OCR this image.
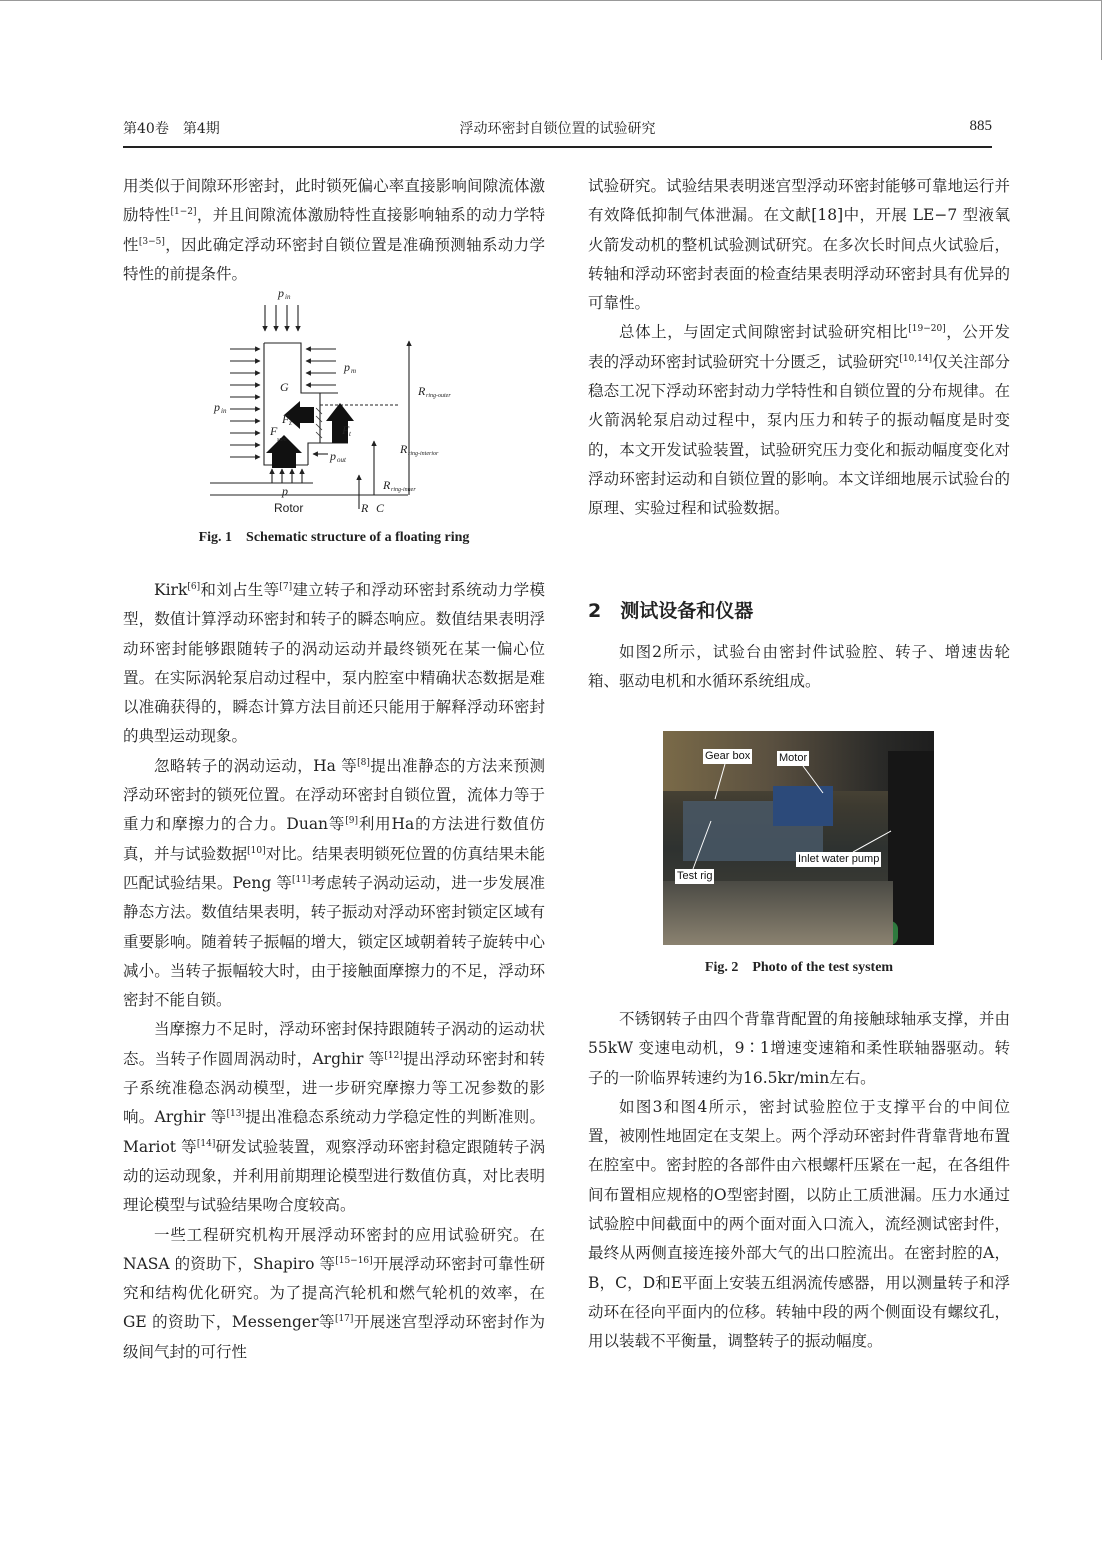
第40卷　第4期	浮动环密封自锁位置的试验研究	885

用类似于间隙环形密封，此时锁死偏心率直接影响间隙流体激励特性[1−2]，并且间隙流体激励特性直接影响轴系的动力学特性[3−5]，因此确定浮动环密封自锁位置是准确预测轴系动力学特性的前提条件。

p in
p in
p m
G
F z
F
sum
F t
p out
p
R C
R ring-outer
R ring-interior
R ring-inner
Rotor
Fig. 1　Schematic structure of a floating ring

Kirk[6]和刘占生等[7]建立转子和浮动环密封系统动力学模型，数值计算浮动环密封和转子的瞬态响应。数值结果表明浮动环密封能够跟随转子的涡动运动并最终锁死在某一偏心位置。在实际涡轮泵启动过程中，泵内腔室中精确状态数据是难以准确获得的，瞬态计算方法目前还只能用于解释浮动环密封的典型运动现象。

忽略转子的涡动运动，Ha 等[8]提出准静态的方法来预测浮动环密封的锁死位置。在浮动环密封自锁位置，流体力等于重力和摩擦力的合力。Duan等[9]利用Ha的方法进行数值仿真，并与试验数据[10]对比。结果表明锁死位置的仿真结果未能匹配试验结果。Peng 等[11]考虑转子涡动运动，进一步发展准静态方法。数值结果表明，转子振动对浮动环密封锁定区域有重要影响。随着转子振幅的增大，锁定区域朝着转子旋转中心减小。当转子振幅较大时，由于接触面摩擦力的不足，浮动环密封不能自锁。

当摩擦力不足时，浮动环密封保持跟随转子涡动的运动状态。当转子作圆周涡动时，Arghir 等[12]提出浮动环密封和转子系统准稳态涡动模型，进一步研究摩擦力等工况参数的影响。Arghir 等[13]提出准稳态系统动力学稳定性的判断准则。Mariot 等[14]研发试验装置，观察浮动环密封稳定跟随转子涡动的运动现象，并利用前期理论模型进行数值仿真，对比表明理论模型与试验结果吻合度较高。

一些工程研究机构开展浮动环密封的应用试验研究。在 NASA 的资助下，Shapiro 等[15−16]开展浮动环密封可靠性研究和结构优化研究。为了提高汽轮机和燃气轮机的效率，在 GE 的资助下，Messenger等[17]开展迷宫型浮动环密封作为级间气封的可行性

试验研究。试验结果表明迷宫型浮动环密封能够可靠地运行并有效降低抑制气体泄漏。在文献[18]中，开展 LE−7 型液氧火箭发动机的整机试验测试研究。在多次长时间点火试验后，转轴和浮动环密封表面的检查结果表明浮动环密封具有优异的可靠性。

总体上，与固定式间隙密封试验研究相比[19−20]，公开发表的浮动环密封试验研究十分匮乏，试验研究[10,14]仅关注部分稳态工况下浮动环密封动力学特性和自锁位置的分布规律。在火箭涡轮泵启动过程中，泵内压力和转子的振动幅度是时变的，本文开发试验装置，试验研究压力变化和振动幅度变化对浮动环密封运动和自锁位置的影响。本文详细地展示试验台的原理、实验过程和试验数据。

2　测试设备和仪器

如图2所示，试验台由密封件试验腔、转子、增速齿轮箱、驱动电机和水循环系统组成。

Gear box	Motor
Inlet water pump
Test rig
Fig. 2　Photo of the test system

不锈钢转子由四个背靠背配置的角接触球轴承支撑，并由55kW 变速电动机，9∶1增速变速箱和柔性联轴器驱动。转子的一阶临界转速约为16.5kr/min左右。

如图3和图4所示，密封试验腔位于支撑平台的中间位置，被刚性地固定在支架上。两个浮动环密封件背靠背地布置在腔室中。密封腔的各部件由六根螺杆压紧在一起，在各组件间布置相应规格的O型密封圈，以防止工质泄漏。压力水通过试验腔中间截面中的两个面对面入口流入，流经测试密封件，最终从两侧直接连接外部大气的出口腔流出。在密封腔的A，B，C，D和E平面上安装五组涡流传感器，用以测量转子和浮动环在径向平面内的位移。转轴中段的两个侧面设有螺纹孔，用以装载不平衡量，调整转子的振动幅度。
